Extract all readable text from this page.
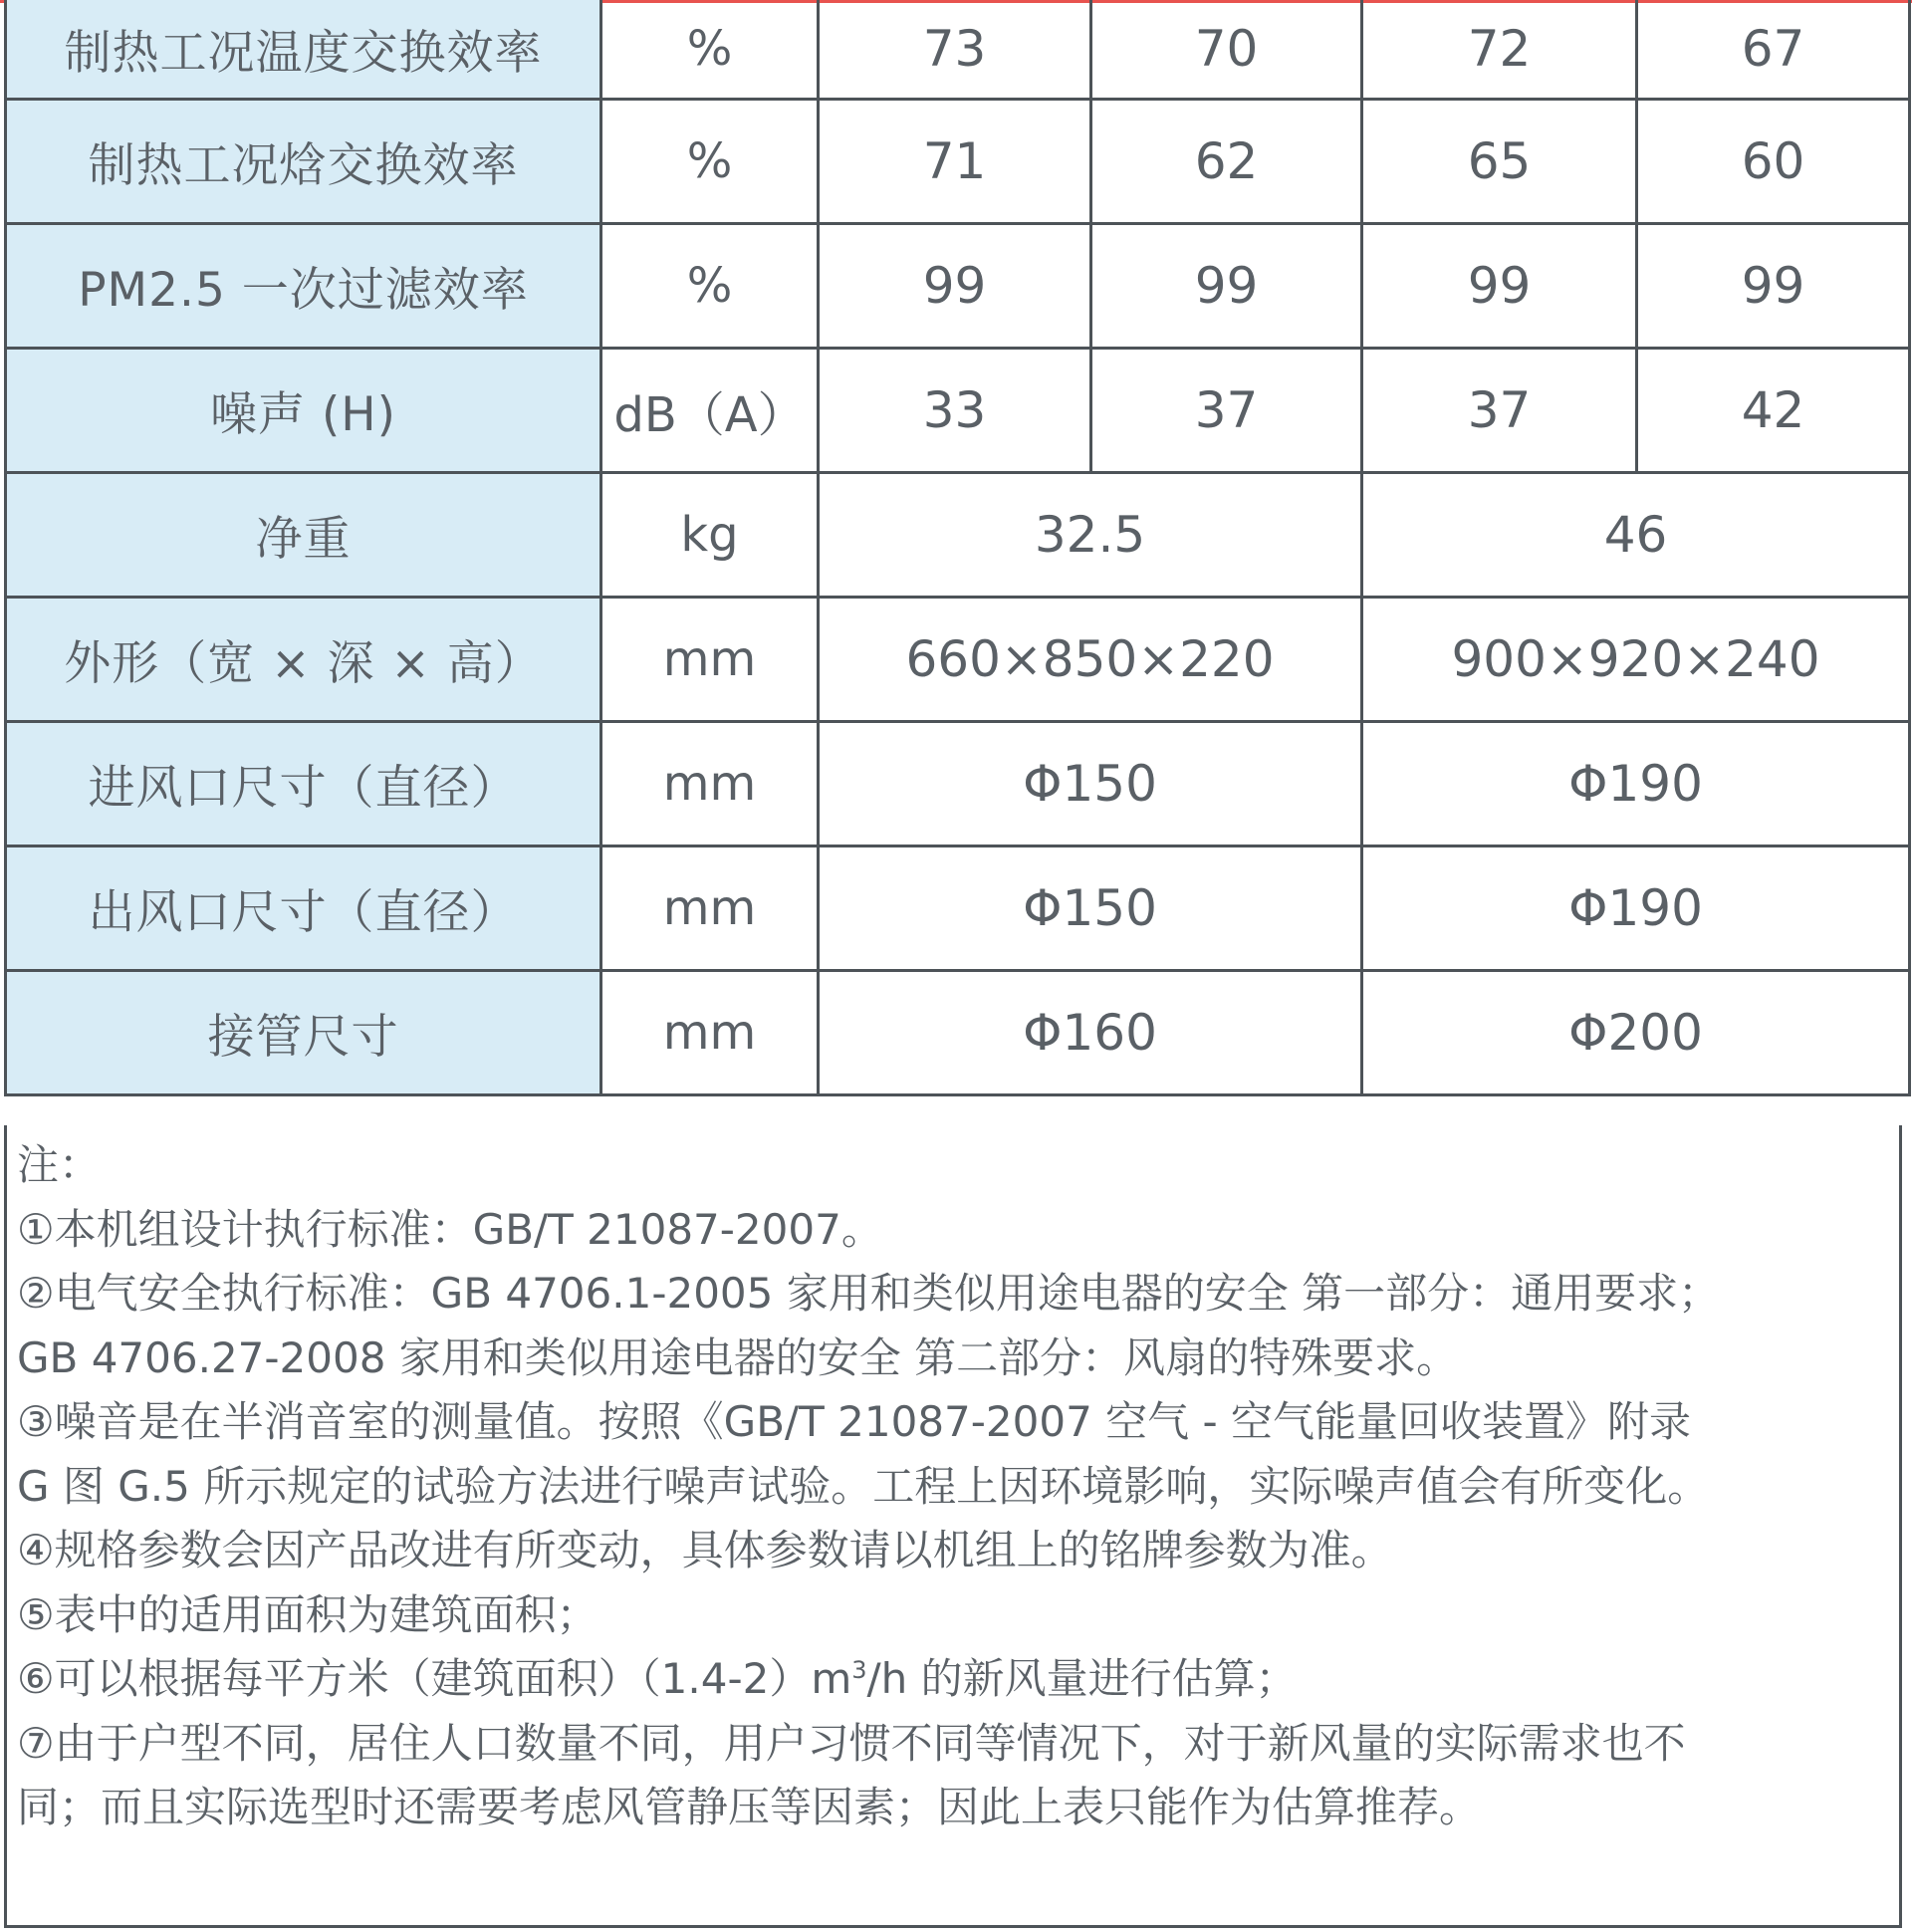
制热工况温度交换效率	%	73	70	72	67
制热工况焓交换效率	%	71	62	65	60
PM2.5 一次过滤效率	%	99	99	99	99
噪声 (H)	dB（A）	33	37	37	42
净重	kg	32.5		46	
外形（宽 × 深 × 高）	mm	660×850×220		900×920×240	
进风口尺寸（直径）	mm	Φ150		Φ190	
出风口尺寸（直径）	mm	Φ150		Φ190	
接管尺寸	mm	Φ160		Φ200	

注：

①本机组设计执行标准：GB/T 21087-2007。

②电气安全执行标准：GB 4706.1-2005 家用和类似用途电器的安全 第一部分：通用要求；

GB 4706.27-2008 家用和类似用途电器的安全 第二部分：风扇的特殊要求。

③噪音是在半消音室的测量值。按照《GB/T 21087-2007 空气 - 空气能量回收装置》附录

G 图 G.5 所示规定的试验方法进行噪声试验。工程上因环境影响，实际噪声值会有所变化。

④规格参数会因产品改进有所变动，具体参数请以机组上的铭牌参数为准。

⑤表中的适用面积为建筑面积；

⑥可以根据每平方米（建筑面积）$(1.4-2)m^3/h$ 的新风量进行估算；

⑦由于户型不同，居住人口数量不同，用户习惯不同等情况下，对于新风量的实际需求也不

同；而且实际选型时还需要考虑风管静压等因素；因此上表只能作为估算推荐。
